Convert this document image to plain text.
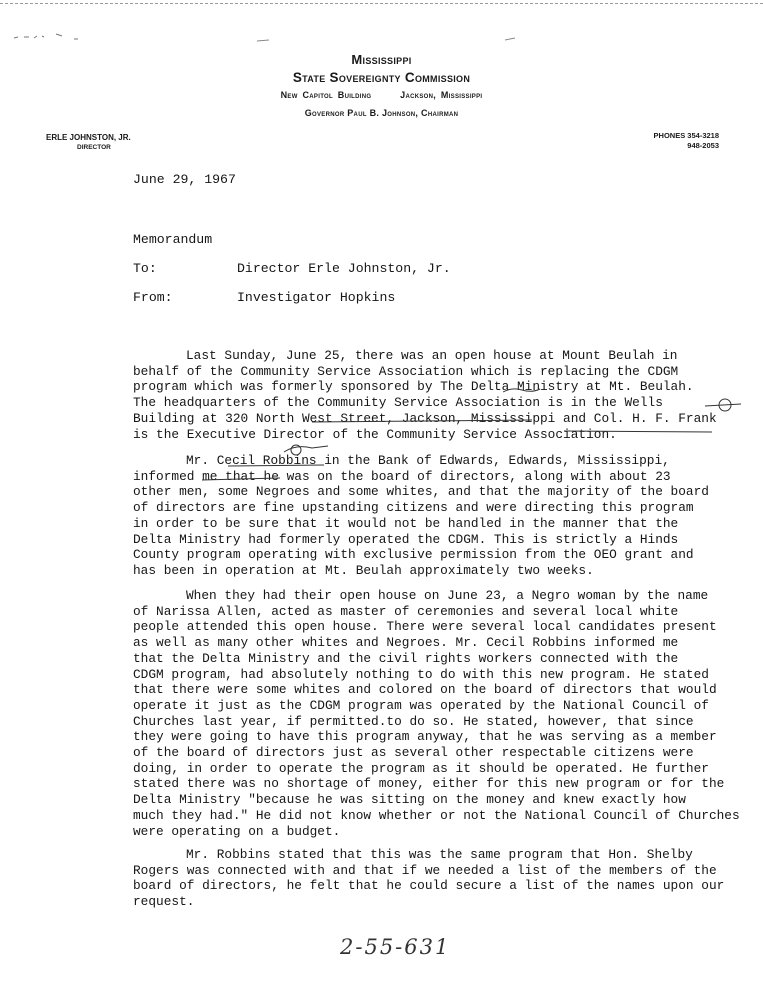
Mississippi
State Sovereignty Commission
New Capitol Building	Jackson, Mississippi
Governor Paul B. Johnson, Chairman
ERLE JOHNSTON, JR.
DIRECTOR
PHONES 354-3218
948-2053
June 29, 1967
Memorandum
To:	Director Erle Johnston, Jr.
From:	Investigator Hopkins
Last Sunday, June 25, there was an open house at Mount Beulah in
behalf of the Community Service Association which is replacing the CDGM
program which was formerly sponsored by The Delta Ministry at Mt. Beulah.
The headquarters of the Community Service Association is in the Wells
Building at 320 North West Street, Jackson, Mississippi and Col. H. F. Frank
is the Executive Director of the Community Service Association.
Mr. Cecil Robbins in the Bank of Edwards, Edwards, Mississippi,
informed me that he was on the board of directors, along with about 23
other men, some Negroes and some whites, and that the majority of the board
of directors are fine upstanding citizens and were directing this program
in order to be sure that it would not be handled in the manner that the
Delta Ministry had formerly operated the CDGM. This is strictly a Hinds
County program operating with exclusive permission from the OEO grant and
has been in operation at Mt. Beulah approximately two weeks.
When they had their open house on June 23, a Negro woman by the name
of Narissa Allen, acted as master of ceremonies and several local white
people attended this open house. There were several local candidates present
as well as many other whites and Negroes. Mr. Cecil Robbins informed me
that the Delta Ministry and the civil rights workers connected with the
CDGM program, had absolutely nothing to do with this new program. He stated
that there were some whites and colored on the board of directors that would
operate it just as the CDGM program was operated by the National Council of
Churches last year, if permitted.to do so. He stated, however, that since
they were going to have this program anyway, that he was serving as a member
of the board of directors just as several other respectable citizens were
doing, in order to operate the program as it should be operated. He further
stated there was no shortage of money, either for this new program or for the
Delta Ministry "because he was sitting on the money and knew exactly how
much they had." He did not know whether or not the National Council of Churches
were operating on a budget.
Mr. Robbins stated that this was the same program that Hon. Shelby
Rogers was connected with and that if we needed a list of the members of the
board of directors, he felt that he could secure a list of the names upon our
request.
2-55-631
